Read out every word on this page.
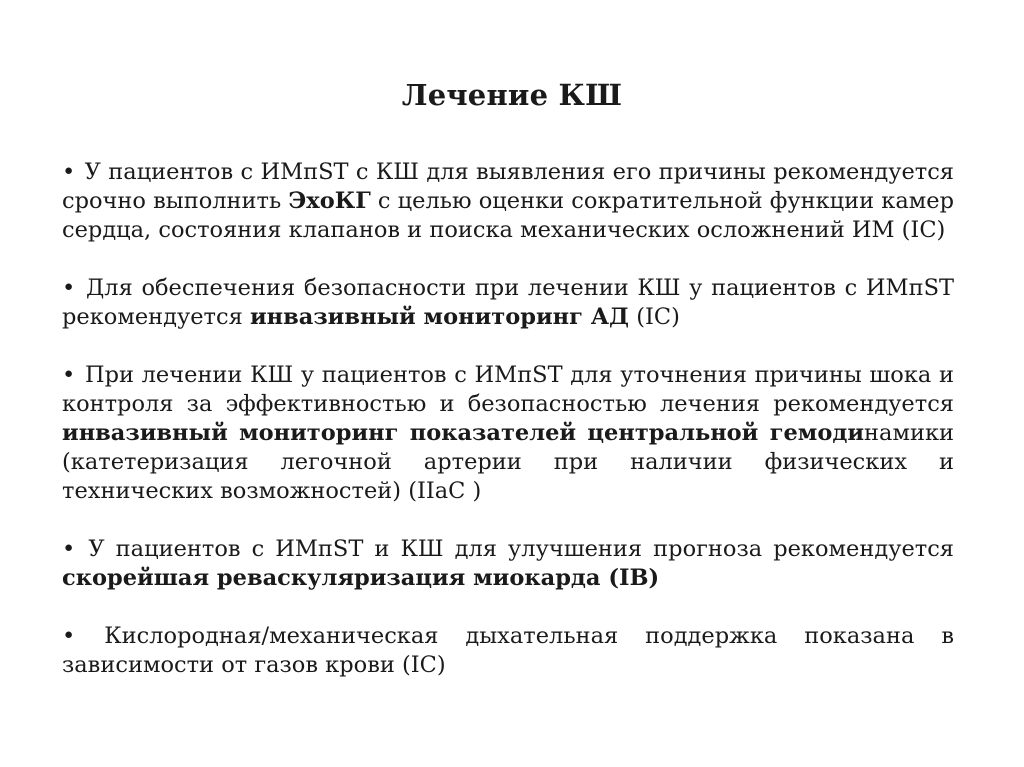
Лечение КШ
• У пациентов с ИМпST с КШ для выявления его причины рекомендуется срочно выполнить ЭхоКГ с целью оценки сократительной функции камер сердца, состояния клапанов и поиска механических осложнений ИМ (IC)
• Для обеспечения безопасности при лечении КШ у пациентов с ИМпST рекомендуется инвазивный мониторинг АД (IC)
• При лечении КШ у пациентов с ИМпST для уточнения причины шока и контроля за эффективностью и безопасностью лечения рекомендуется инвазивный мониторинг показателей центральной гемодинамики (катетеризация легочной артерии при наличии физических и технических возможностей) (IIaC )
• У пациентов с ИМпST и КШ для улучшения прогноза рекомендуется скорейшая реваскуляризация миокарда (IB)
• Кислородная/механическая дыхательная поддержка показана в зависимости от газов крови (IC)
